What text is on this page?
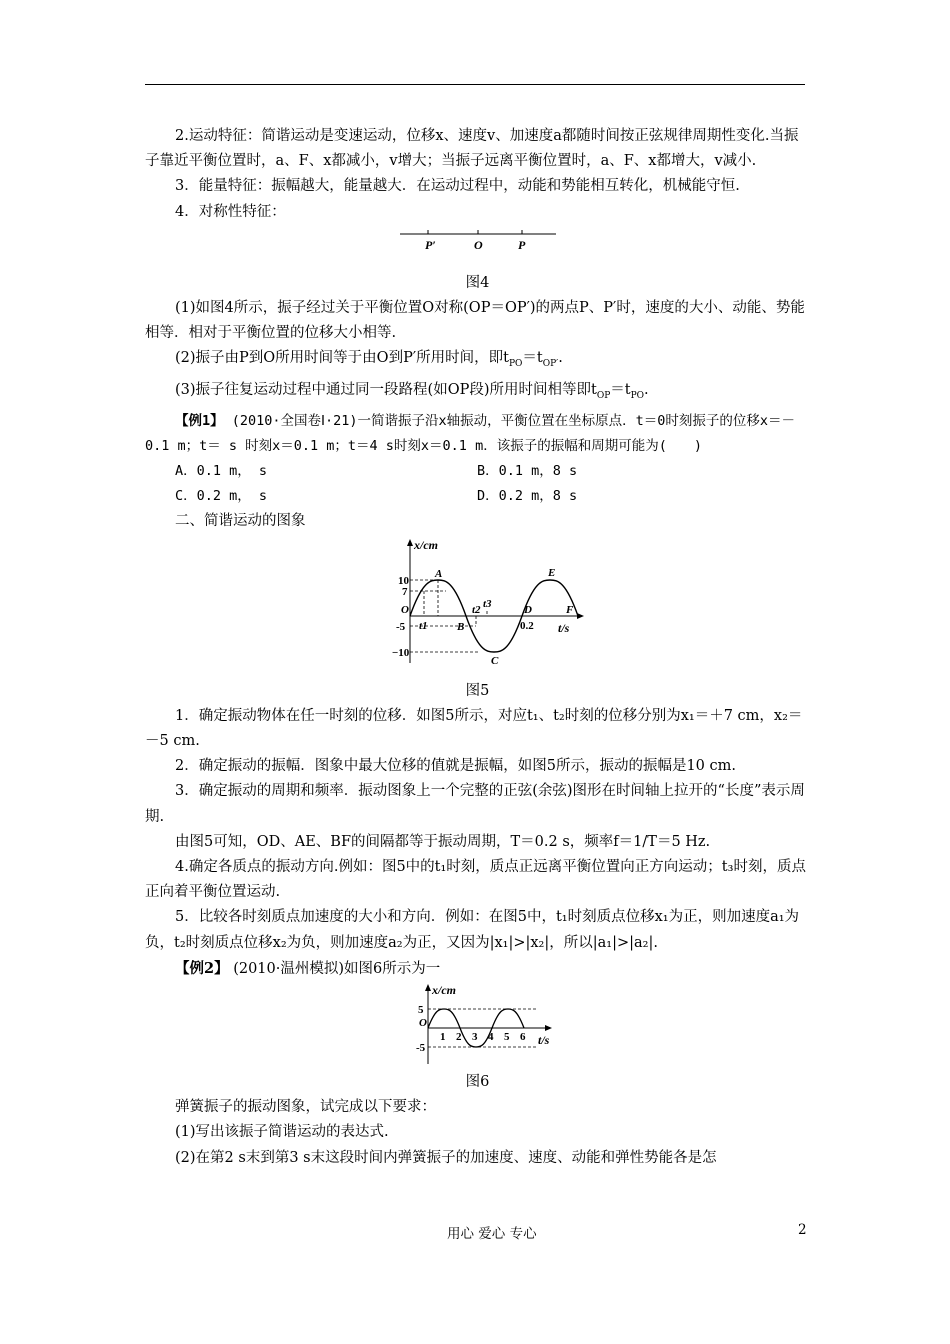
2.运动特征：简谐运动是变速运动，位移x、速度v、加速度a都随时间按正弦规律周期性变化.当振子靠近平衡位置时，a、F、x都减小，v增大；当振子远离平衡位置时，a、F、x都增大，v减小.

3．能量特征：振幅越大，能量越大．在运动过程中，动能和势能相互转化，机械能守恒.

4．对称性特征：

P′	O	P

图4

(1)如图4所示，振子经过关于平衡位置O对称(OP＝OP′)的两点P、P′时，速度的大小、动能、势能相等．相对于平衡位置的位移大小相等.

(2)振子由P到O所用时间等于由O到P′所用时间，即$t_{PO}=t_{OP'}$.

(3)振子往复运动过程中通过同一段路程(如OP段)所用时间相等即$t_{OP}=t_{PO}$.

【例1】 (2010·全国卷Ⅰ·21)一简谐振子沿x轴振动，平衡位置在坐标原点．t＝0时刻振子的位移x＝－0.1 m；t＝ s 时刻x＝0.1 m；t＝4 s时刻x＝0.1 m．该振子的振幅和周期可能为(　　)

A．0.1 m， s	B．0.1 m，8 s
C．0.2 m， s	D．0.2 m，8 s

二、简谐运动的图象

x/cm
t/s
10
7
-5
−10
O
A
B
C
D
E
F
t1
t2 t3
0.2

图5

1．确定振动物体在任一时刻的位移．如图5所示，对应t₁、t₂时刻的位移分别为x₁＝＋7 cm，x₂＝－5 cm.

2．确定振动的振幅．图象中最大位移的值就是振幅，如图5所示，振动的振幅是10 cm.

3．确定振动的周期和频率．振动图象上一个完整的正弦(余弦)图形在时间轴上拉开的“长度”表示周期.

由图5可知，OD、AE、BF的间隔都等于振动周期，T＝0.2 s，频率f＝1/T＝5 Hz.

4.确定各质点的振动方向.例如：图5中的t₁时刻，质点正远离平衡位置向正方向运动；t₃时刻，质点正向着平衡位置运动.

5．比较各时刻质点加速度的大小和方向．例如：在图5中，t₁时刻质点位移x₁为正，则加速度a₁为负，t₂时刻质点位移x₂为负，则加速度a₂为正，又因为|x₁|>|x₂|，所以|a₁|>|a₂|.

【例2】 (2010·温州模拟)如图6所示为一

x/cm
t/s
5
-5
O
1 2 3 4 5 6

图6

弹簧振子的振动图象，试完成以下要求：

(1)写出该振子简谐运动的表达式.

(2)在第2 s末到第3 s末这段时间内弹簧振子的加速度、速度、动能和弹性势能各是怎

用心 爱心 专心	2
